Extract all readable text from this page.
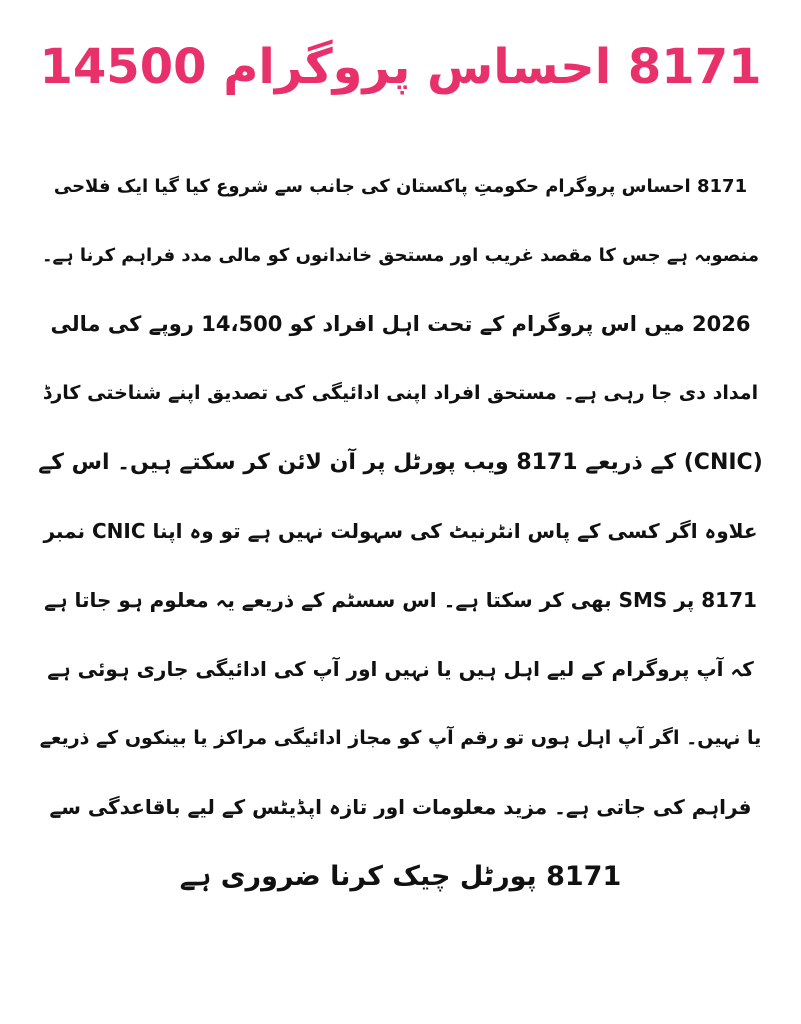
8171 احساس پروگرام 14500
8171 احساس پروگرام حکومتِ پاکستان کی جانب سے شروع کیا گیا ایک فلاحی
منصوبہ ہے جس کا مقصد غریب اور مستحق خاندانوں کو مالی مدد فراہم کرنا ہے۔
2026 میں اس پروگرام کے تحت اہل افراد کو 14،500 روپے کی مالی
امداد دی جا رہی ہے۔ مستحق افراد اپنی ادائیگی کی تصدیق اپنے شناختی کارڈ
(CNIC) کے ذریعے 8171 ویب پورٹل پر آن لائن کر سکتے ہیں۔ اس کے
علاوہ اگر کسی کے پاس انٹرنیٹ کی سہولت نہیں ہے تو وہ اپنا CNIC نمبر
8171 پر SMS بھی کر سکتا ہے۔ اس سسٹم کے ذریعے یہ معلوم ہو جاتا ہے
کہ آپ پروگرام کے لیے اہل ہیں یا نہیں اور آپ کی ادائیگی جاری ہوئی ہے
یا نہیں۔ اگر آپ اہل ہوں تو رقم آپ کو مجاز ادائیگی مراکز یا بینکوں کے ذریعے
فراہم کی جاتی ہے۔ مزید معلومات اور تازہ اپڈیٹس کے لیے باقاعدگی سے
8171 پورٹل چیک کرنا ضروری ہے
